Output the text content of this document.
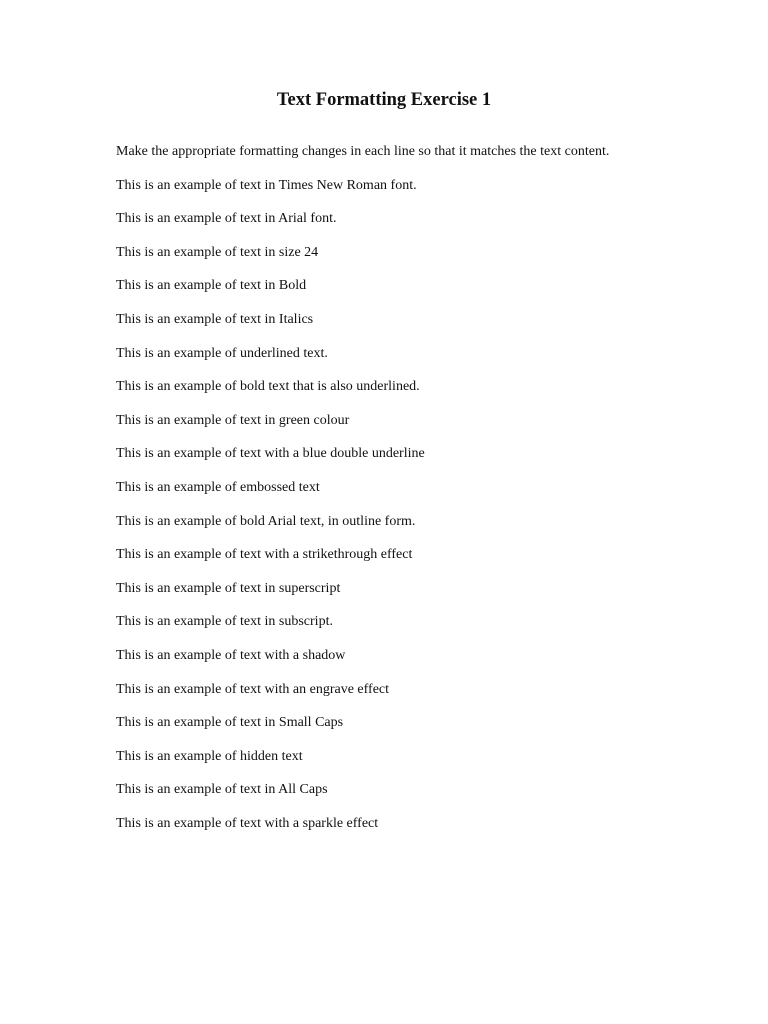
Text Formatting Exercise 1

Make the appropriate formatting changes in each line so that it matches the text content.

This is an example of text in Times New Roman font.

This is an example of text in Arial font.

This is an example of text in size 24

This is an example of text in Bold

This is an example of text in Italics

This is an example of underlined text.

This is an example of bold text that is also underlined.

This is an example of text in green colour

This is an example of text with a blue double underline

This is an example of embossed text

This is an example of bold Arial text, in outline form.

This is an example of text with a strikethrough effect

This is an example of text in superscript

This is an example of text in subscript.

This is an example of text with a shadow

This is an example of text with an engrave effect

This is an example of text in Small Caps

This is an example of hidden text

This is an example of text in All Caps

This is an example of text with a sparkle effect
